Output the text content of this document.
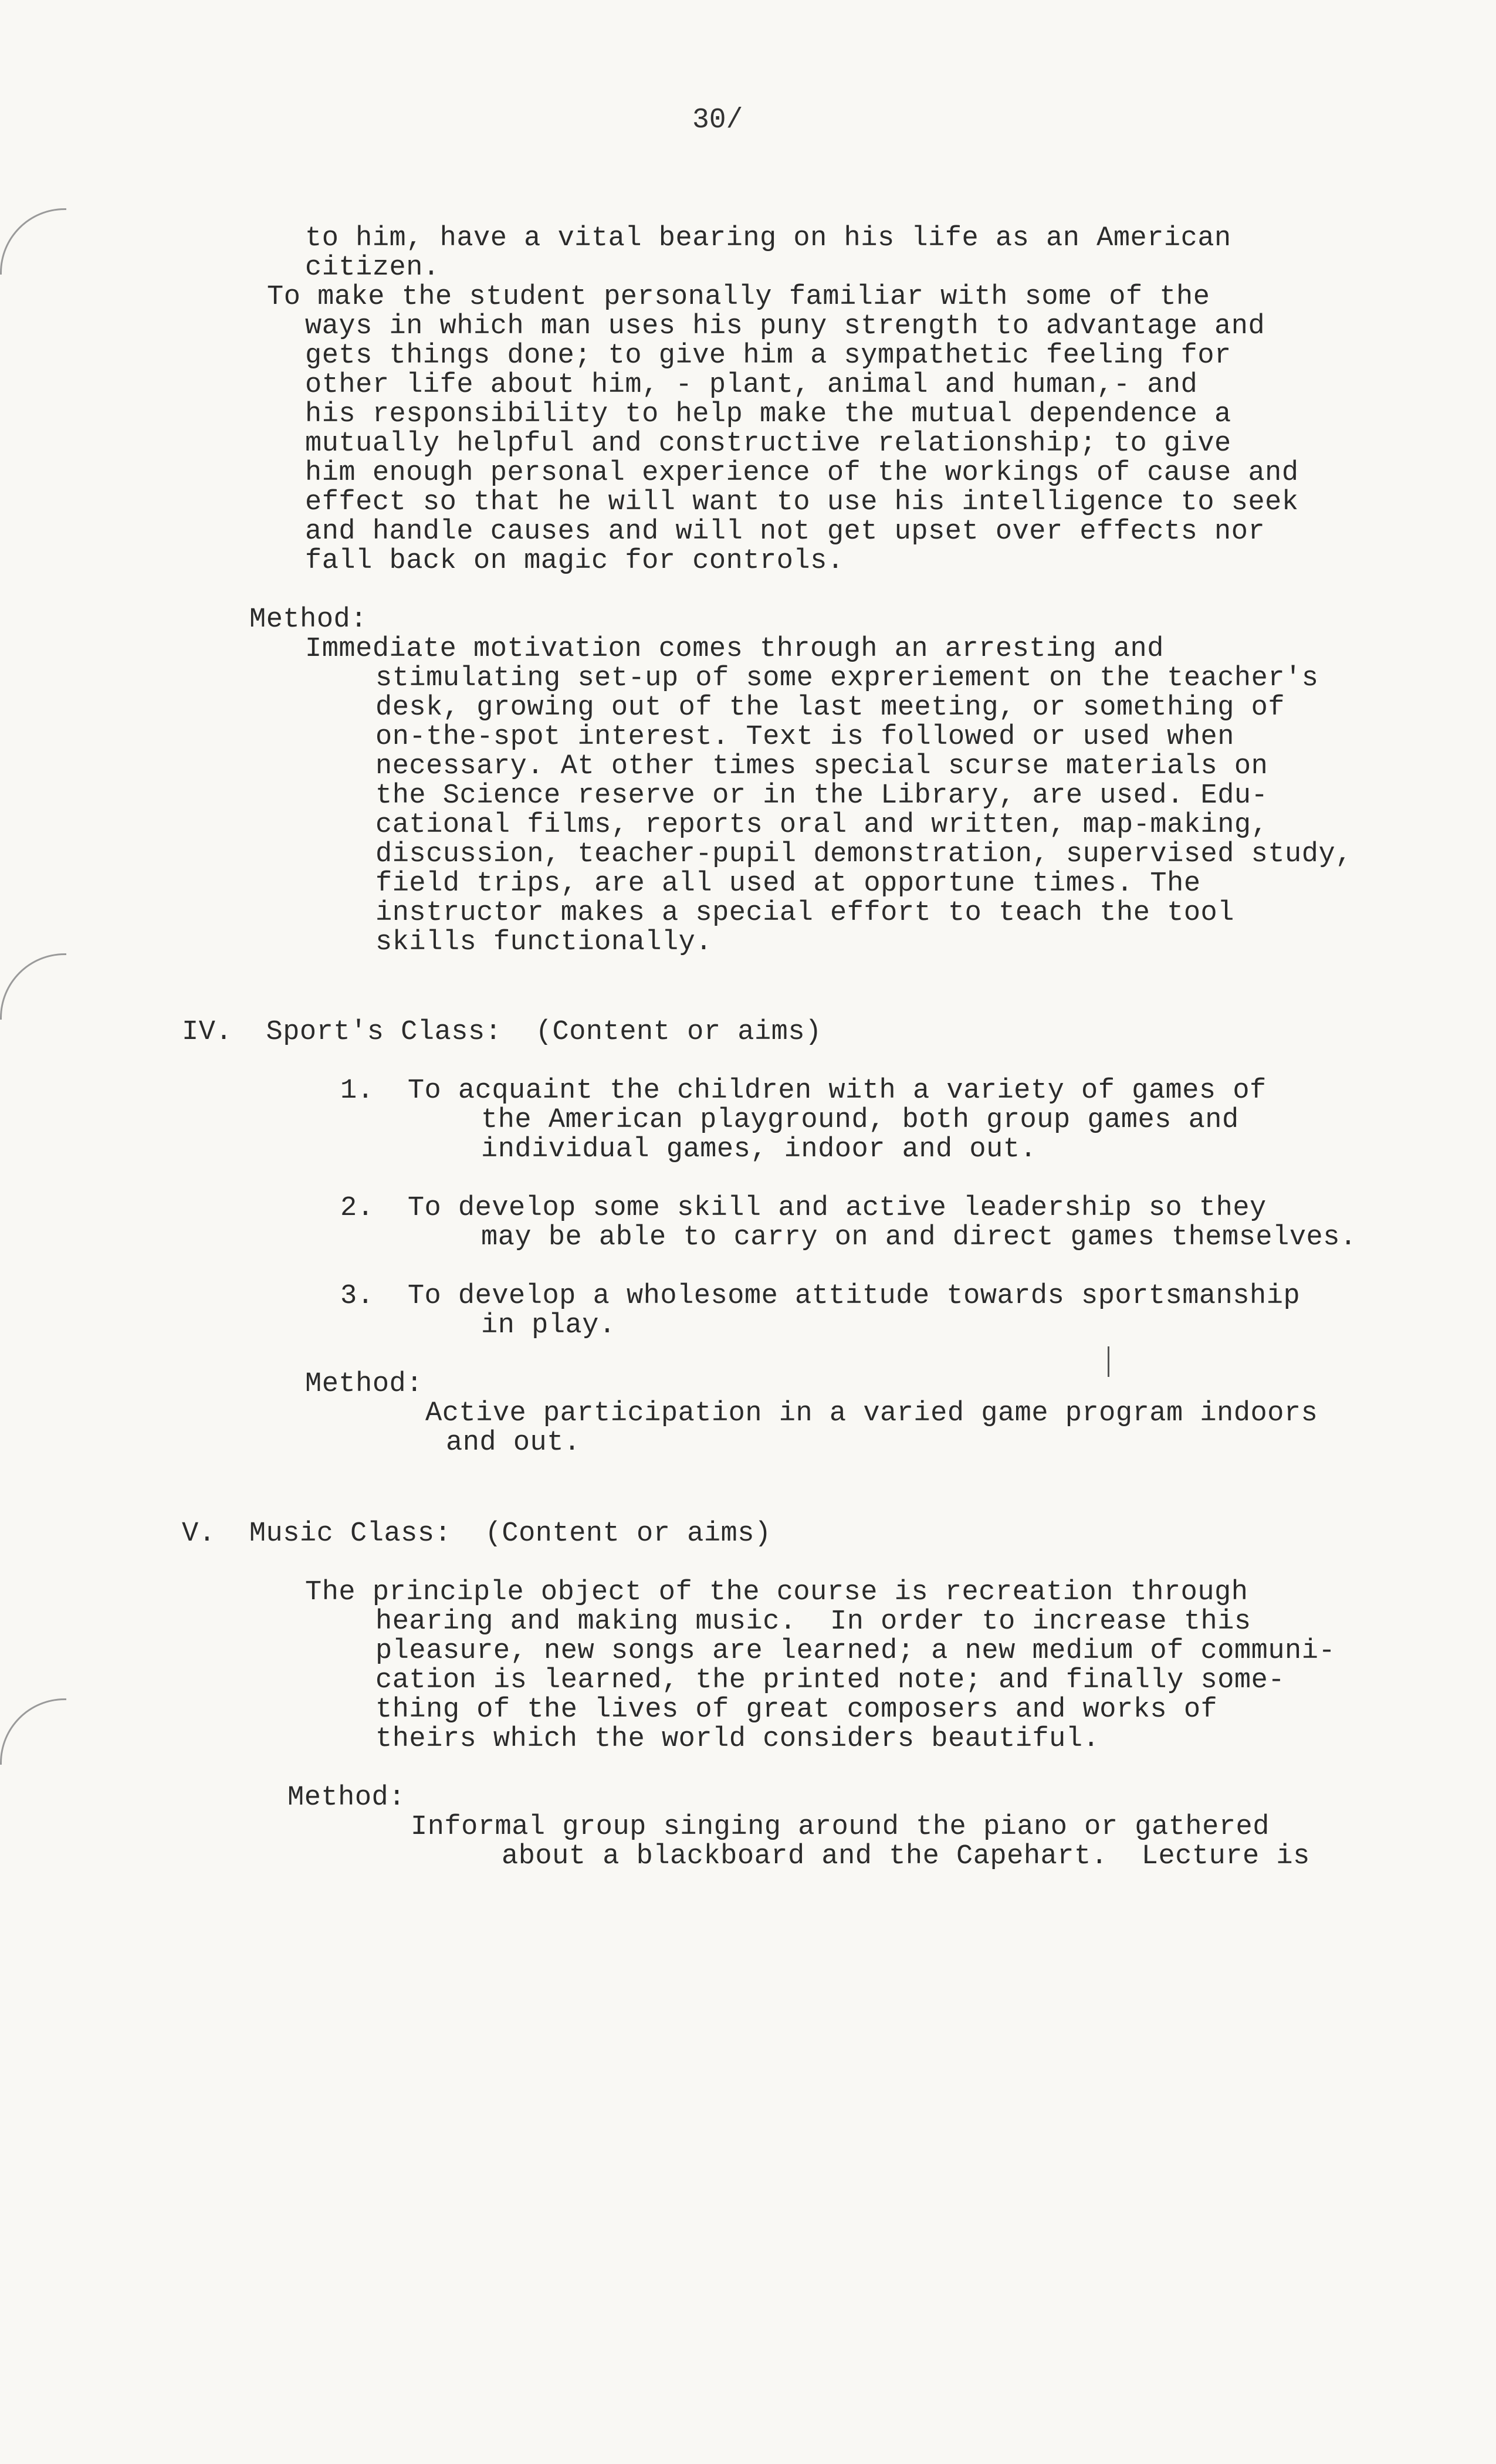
30/
to him, have a vital bearing on his life as an American
citizen.
To make the student personally familiar with some of the
ways in which man uses his puny strength to advantage and
gets things done; to give him a sympathetic feeling for
other life about him, - plant, animal and human,- and
his responsibility to help make the mutual dependence a
mutually helpful and constructive relationship; to give
him enough personal experience of the workings of cause and
effect so that he will want to use his intelligence to seek
and handle causes and will not get upset over effects nor
fall back on magic for controls.
Method:
Immediate motivation comes through an arresting and
stimulating set-up of some expreriement on the teacher's
desk, growing out of the last meeting, or something of
on-the-spot interest. Text is followed or used when
necessary. At other times special scurse materials on
the Science reserve or in the Library, are used. Edu-
cational films, reports oral and written, map-making,
discussion, teacher-pupil demonstration, supervised study,
field trips, are all used at opportune times. The
instructor makes a special effort to teach the tool
skills functionally.
IV.  Sport's Class:  (Content or aims)
1.  To acquaint the children with a variety of games of
the American playground, both group games and
individual games, indoor and out.
2.  To develop some skill and active leadership so they
may be able to carry on and direct games themselves.
3.  To develop a wholesome attitude towards sportsmanship
in play.
Method:
Active participation in a varied game program indoors
and out.
V.  Music Class:  (Content or aims)
The principle object of the course is recreation through
hearing and making music.  In order to increase this
pleasure, new songs are learned; a new medium of communi-
cation is learned, the printed note; and finally some-
thing of the lives of great composers and works of
theirs which the world considers beautiful.
Method:
Informal group singing around the piano or gathered
about a blackboard and the Capehart.  Lecture is
